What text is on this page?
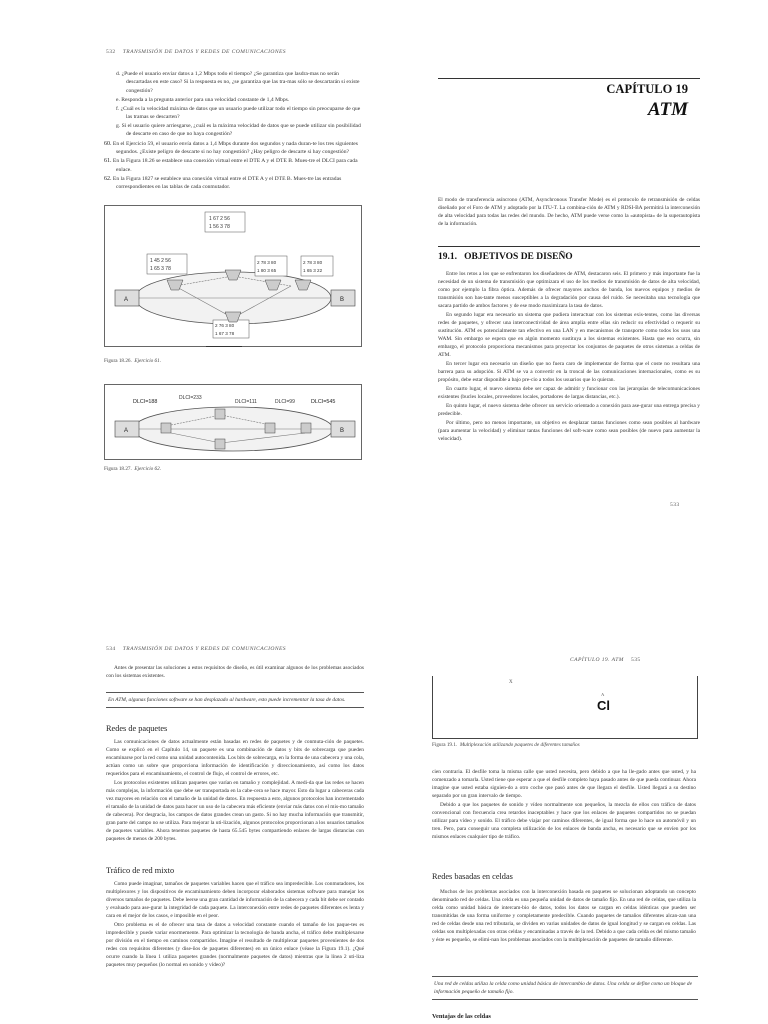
532 TRANSMISIÓN DE DATOS Y REDES DE COMUNICACIONES
d. ¿Puede el usuario enviar datos a 1,2 Mbps todo el tiempo? ¿Se garantiza que lasdra-mas no serán descartadas en este caso? Si la respuesta es no, ¿se garantiza que las tra-mas sólo se descartarán si existe congestión?
e. Responda a la pregunta anterior para una velocidad constante de 1,4 Mbps.
f. ¿Cuál es la velocidad máxima de datos que un usuario puede utilizar todo el tiempo sin preocuparse de que las tramas se descarten?
g. Si el usuario quiere arriesgarse, ¿cuál es la máxima velocidad de datos que se puede utilizar sin posibilidad de descarte en caso de que no haya congestión?
60. En el Ejercicio 59, el usuario envía datos a 1,4 Mbps durante dos segundos y nada duran-te los tres siguientes segundos. ¿Existe peligro de descarte si no hay congestión? ¿Hay peligro de descarte si hay congestión?
61. En la Figura 18.26 se establece una conexión virtual entre el DTE A y el DTE B. Mues-tre el DLCI para cada enlace.
62. En la Figura 1827 se establece una conexión virtual entre el DTE A y el DTE B. Mues-tre las entradas correspondientes en las tablas de cada conmutador.
1 67 2 56
1 56 3 78
1 45 2 56
1 65 3 78
2 78 3 80
1 80 3 65
2 78 3 80
1 65 3 22
2 76 3 80
1 67 3 78
A	B
Figura 18.26. Ejercicio 61.
DLCI=188
DLCI=233
DLCI=111	DLCI=99	DLCI=545
A	B
Figura 18.27. Ejercicio 62.
CAPÍTULO 19
ATM
El modo de transferencia asíncrono (ATM, Asynchronous Transfer Mode) es el protocolo de retransmisión de celdas diseñado por el Foro de ATM y adoptado por la ITU-T. La combina-ción de ATM y RDSI-BA permitirá la interconexión de alta velocidad para todas las redes del mundo. De hecho, ATM puede verse como la «autopista» de la superautopista de la información.
19.1.   OBJETIVOS DE DISEÑO

Entre los retos a los que se enfrentaron los diseñadores de ATM, destacaron seis. El primero y más importante fue la necesidad de un sistema de transmisión que optimizara el uso de los medios de transmisión de datos de alta velocidad, como por ejemplo la fibra óptica. Además de ofrecer mayores anchos de banda, los nuevos equipos y medios de transmisión son bas-tante menos susceptibles a la degradación por causa del ruido. Se necesitaba una tecnología que sacara partido de ambos factores y de ese modo maximizara la tasa de datos.

En segundo lugar era necesario un sistema que pudiera interactuar con los sistemas exis-tentes, como las diversas redes de paquetes, y ofrecer una interconectividad de área amplia entre ellas sin reducir su efectividad o requerir su sustitución. ATM es potencialmente tan efectivo en una LAN y en mecanismos de transporte como todos los usos una WAM. Sin embargo se espera que en algún momento sustituya a los sistemas existentes. Hasta que eso ocurra, sin embargo, el protocolo proporciona mecanismos para proyectar los conjuntos de paquetes de otros sistemas a celdas de ATM.

En tercer lugar era necesario un diseño que no fuera caro de implementar de forma que el coste no resultara una barrera para su adopción. Si ATM se va a convertir en la troncal de las comunicaciones internacionales, como es su propósito, debe estar disponible a bajo pre-cio a todos los usuarios que lo quieran.

En cuarto lugar, el nuevo sistema debe ser capaz de admitir y funcionar con las jerarquías de telecomunicaciones existentes (bucles locales, proveedores locales, portadores de largas distancias, etc.).

En quinto lugar, el nuevo sistema debe ofrecer un servicio orientado a conexión para ase-gurar una entrega precisa y predecible.

Por último, pero no menos importante, un objetivo es desplazar tantas funciones como sean posibles al hardware (para aumentar la velocidad) y eliminar tantas funciones del soft-ware como sean posibles (de nuevo para aumentar la velocidad).

533
534 TRANSMISIÓN DE DATOS Y REDES DE COMUNICACIONES

Antes de presentar las soluciones a estos requisitos de diseño, es útil examinar algunos de los problemas asociados con los sistemas existentes.

En ATM, algunas funciones software se han desplazado al hardware, esto puede incrementar la tasa de datos.
Redes de paquetes

Las comunicaciones de datos actualmente están basadas en redes de paquetes y de conmuta-ción de paquetes. Como se explicó en el Capítulo 14, un paquete es una combinación de datos y bits de sobrecarga que pueden encaminarse por la red como una unidad autocontenida. Los bits de sobrecarga, en la forma de una cabecera y una cola, actúan como un sobre que proporciona información de identificación y direccionamiento, así como los datos requeridos para el encaminamiento, el control de flujo, el control de errores, etc.

Los protocolos existentes utilizan paquetes que varían en tamaño y complejidad. A medi-da que las redes se hacen más complejas, la información que debe ser transportada en la cabe-cera se hace mayor. Esto da lugar a cabeceras cada vez mayores en relación con el tamaño de la unidad de datos. En respuesta a esto, algunos protocolos han incrementado el tamaño de la unidad de datos para hacer un uso de la cabecera más eficiente (enviar más datos con el mis-mo tamaño de cabecera). Por desgracia, los campos de datos grandes crean un gasto. Si no hay mucha información que transmitir, gran parte del campo no se utiliza. Para mejorar la uti-lización, algunos protocolos proporcionan a los usuarios tamaños de paquetes variables. Ahora tenemos paquetes de hasta 65.545 bytes compartiendo enlaces de largas distancias con paquetes de menos de 200 bytes.

Tráfico de red mixto

Como puede imaginar, tamaños de paquetes variables hacen que el tráfico sea impredecible. Los conmutadores, los multiplexores y los dispositivos de encaminamiento deben incorporar elaborados sistemas software para manejar los diversos tamaños de paquetes. Debe leerse una gran cantidad de información de la cabecera y cada bit debe ser contado y evaluado para ase-gurar la integridad de cada paquete. La interconexión entre redes de paquetes diferentes es lenta y cara en el mejor de los casos, e imposible en el peor.

Otro problema es el de ofrecer una tasa de datos a velocidad constante cuando el tamaño de los paque-tes es impredecible y puede variar enormemente. Para optimizar la tecnología de banda ancha, el tráfico debe multiplexarse por división en el tiempo en caminos compartidos. Imagine el resultado de multiplexar paquetes provenientes de dos redes con requisitos diferentes (y dise-ños de paquetes diferentes) en un único enlace (véase la Figura 19.1). ¿Qué ocurre cuando la línea 1 utiliza paquetes grandes (normalmente paquetes de datos) mientras que la línea 2 uti-liza paquetes muy pequeños (lo normal en sonido y vídeo)?

CAPÍTULO 19. ATM 535
X
A
Cl
Figura 19.1. Multiplexación utilizando paquetes de diferentes tamaños

cien contraria. El desfile toma la misma calle que usted necesita, pero debido a que ha lle-gado antes que usted, y ha comenzado a tomarla. Usted tiene que esperar a que el desfile completo haya pasado antes de que pueda continuar. Ahora imagine que usted estaba siguien-do a otro coche que pasó antes de que llegara el desfile. Usted llegará a su destino separado por un gran intervalo de tiempo.

Debido a que los paquetes de sonido y vídeo normalmente son pequeños, la mezcla de ellos con tráfico de datos convencional con frecuencia crea retardos inaceptables y hace que los enlaces de paquetes compartidos no se puedan utilizar para vídeo y sonido. El tráfico debe viajar por caminos diferentes, de igual forma que lo hace un automóvil y un tren. Pero, para conseguir una completa utilización de los enlaces de banda ancha, es necesario que se envíen por los mismos enlaces cualquier tipo de tráfico.

Redes basadas en celdas

Muchos de los problemas asociados con la interconexión basada en paquetes se solucionan adoptando un concepto denominado red de celdas. Una celda es una pequeña unidad de datos de tamaño fijo. En una red de celdas, que utiliza la celda como unidad básica de intercam-bio de datos, todos los datos se cargan en celdas idénticas que pueden ser transmitidas de una forma uniforme y completamente predecible. Cuando paquetes de tamaños diferentes alcan-zan una red de celdas desde una red tributaria, se dividen en varias unidades de datos de igual longitud y se cargan en celdas. Las celdas son multiplexadas con otras celdas y encaminadas a través de la red. Debido a que cada celda es del mismo tamaño y éste es pequeño, se elimi-nan los problemas asociados con la multiplexación de paquetes de tamaño diferente.

Una red de celdas utiliza la celda como unidad básica de intercambio de datos. Una celda se define como un bloque de información pequeño de tamaño fijo.
Ventajas de las celdas
